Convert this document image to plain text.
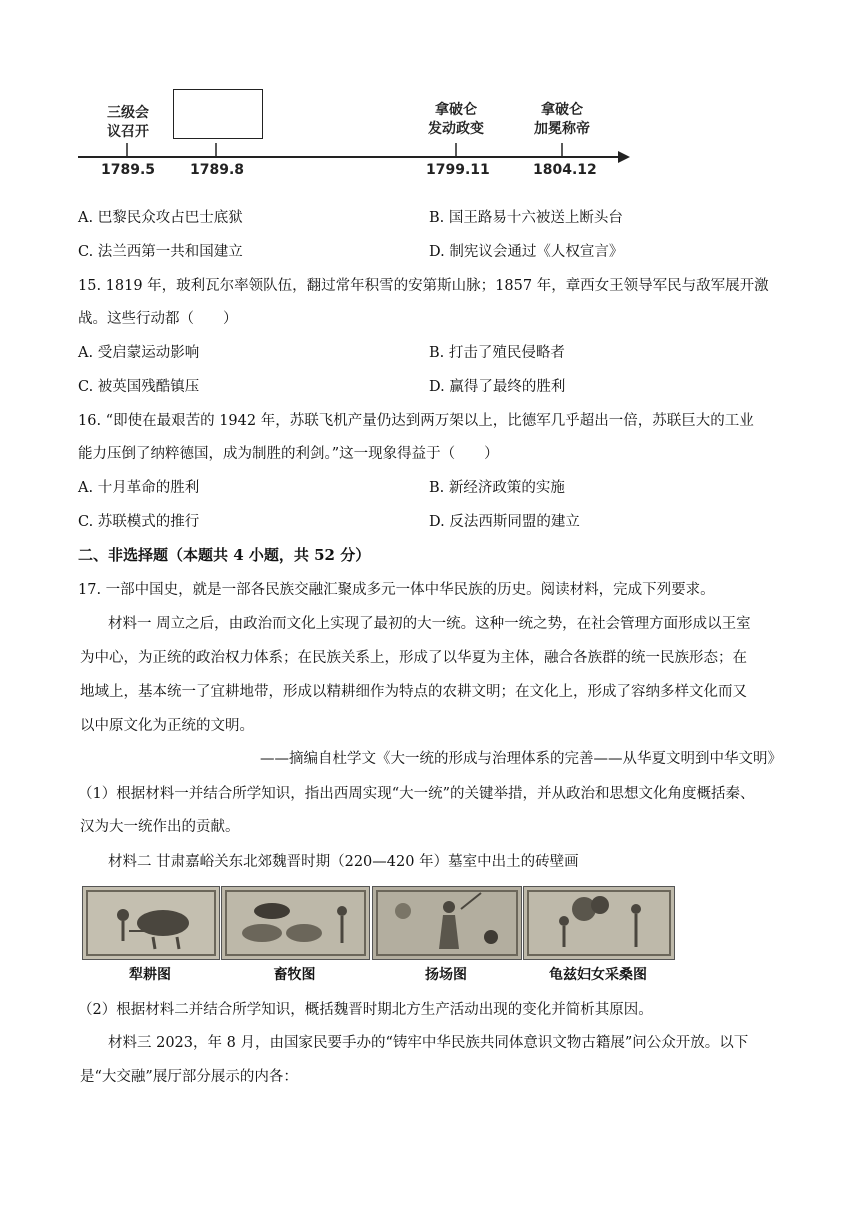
三级会
议召开
拿破仑
发动政变
拿破仑
加冕称帝
1789.5 1789.8	1799.11	1804.12
A. 巴黎民众攻占巴士底狱	B. 国王路易十六被送上断头台
C. 法兰西第一共和国建立	D. 制宪议会通过《人权宣言》
15. 1819 年，玻利瓦尔率领队伍，翻过常年积雪的安第斯山脉；1857 年，章西女王领导军民与敌军展开激
战。这些行动都（　　）
A. 受启蒙运动影响	B. 打击了殖民侵略者
C. 被英国残酷镇压	D. 赢得了最终的胜利
16. “即使在最艰苦的 1942 年，苏联飞机产量仍达到两万架以上，比德军几乎超出一倍，苏联巨大的工业
能力压倒了纳粹德国，成为制胜的利剑。”这一现象得益于（　　）
A. 十月革命的胜利	B. 新经济政策的实施
C. 苏联模式的推行	D. 反法西斯同盟的建立
二、非选择题（本题共 4 小题，共 52 分）
17. 一部中国史，就是一部各民族交融汇聚成多元一体中华民族的历史。阅读材料，完成下列要求。
材料一 周立之后，由政治而文化上实现了最初的大一统。这种一统之势，在社会管理方面形成以王室
为中心，为正统的政治权力体系；在民族关系上，形成了以华夏为主体，融合各族群的统一民族形态；在
地域上，基本统一了宜耕地带，形成以精耕细作为特点的农耕文明；在文化上，形成了容纳多样文化而又
以中原文化为正统的文明。
——摘编自杜学文《大一统的形成与治理体系的完善——从华夏文明到中华文明》
（1）根据材料一并结合所学知识，指出西周实现“大一统”的关键举措，并从政治和思想文化角度概括秦、
汉为大一统作出的贡献。
材料二 甘肃嘉峪关东北郊魏晋时期（220—420 年）墓室中出土的砖壁画
犁耕图	畜牧图	扬场图	龟兹妇女采桑图
（2）根据材料二并结合所学知识，概括魏晋时期北方生产活动出现的变化并简析其原因。
材料三 2023，年 8 月，由国家民要手办的“铸牢中华民族共同体意识文物古籍展”问公众开放。以下
是“大交融”展厅部分展示的内各：
